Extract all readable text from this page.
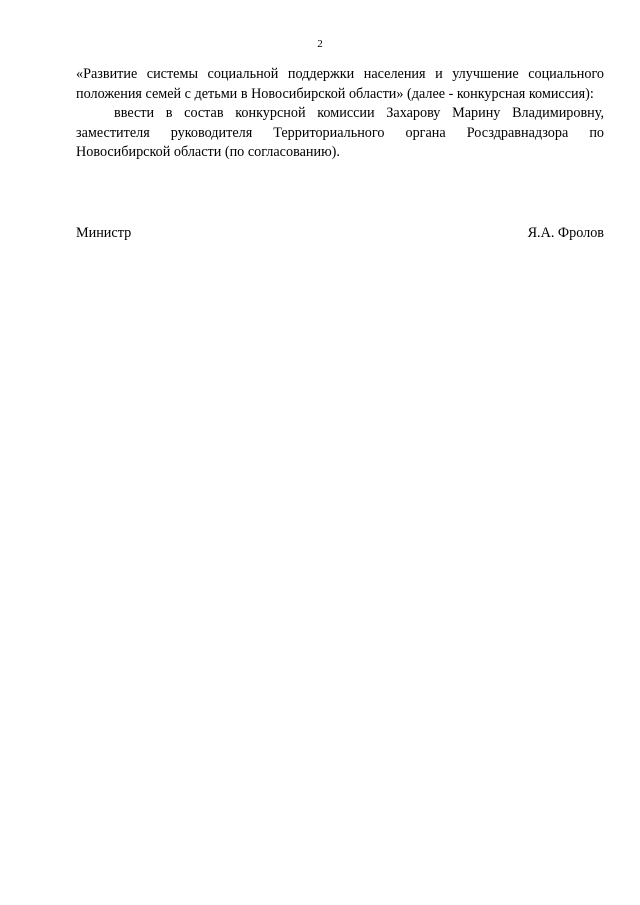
2

«Развитие системы социальной поддержки населения и улучшение социального положения семей с детьми в Новосибирской области» (далее - конкурсная комиссия):

ввести в состав конкурсной комиссии Захарову Марину Владимировну, заместителя руководителя Территориального органа Росздравнадзора по Новосибирской области (по согласованию).

Министр	Я.А. Фролов
